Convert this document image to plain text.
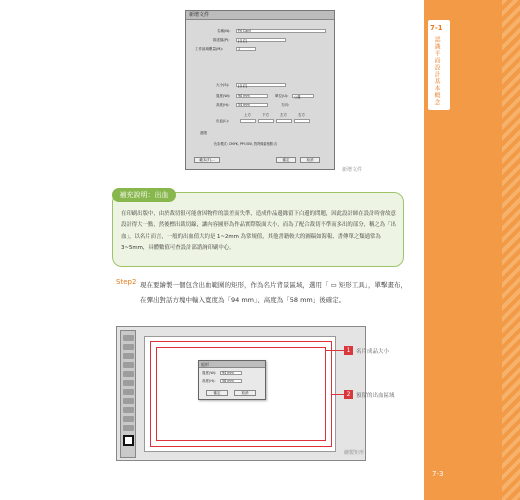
7-1
認識平面設計基本概念
7-3
新增文件
名稱(N): Fit Card
描述檔(P):	[自訂]
工作區域數量(M):	1
大小(S):	[自訂]
寬度(W): 90 mm	單位(U): 公釐
高度(H):	54 mm	方向:
上方	下方	左方	右方
出血(L):
進階
色彩模式: CMYK, PPI:300, 對齊像素格點:否
範本(T)...	確定	取消
新增文件
補充說明：出血
在印刷出版中，由於裁切很可能會因物件的誤差而失準，造成作品邊緣留下白邊的問題，因此設計師在設計時會故意設計得大一點，然後標出裁切線，讓內容圖形為作品實際版面大小，而為了配合裁切不準而多出的部分，稱之為「出血」，以名片而言，一般的出血值大約是 1~2mm 為常規值，其他書籍較大的圖稿如海報、書傳單之類通常為 3~5mm，具體數值可查設計部諮詢印刷中心。
Step2 現在要繪製一個包含出血範圍的矩形，作為名片背景區域，選用「 ▭ 矩形工具」，單擊畫布，在彈出對話方塊中輸入寬度為「94 mm」、高度為「58 mm」後確定。
矩形
寬度(W): 94 mm
高度(H): 58 mm
確定	取消
1	名片成品大小
2	預留的出血區域
繪製矩形
